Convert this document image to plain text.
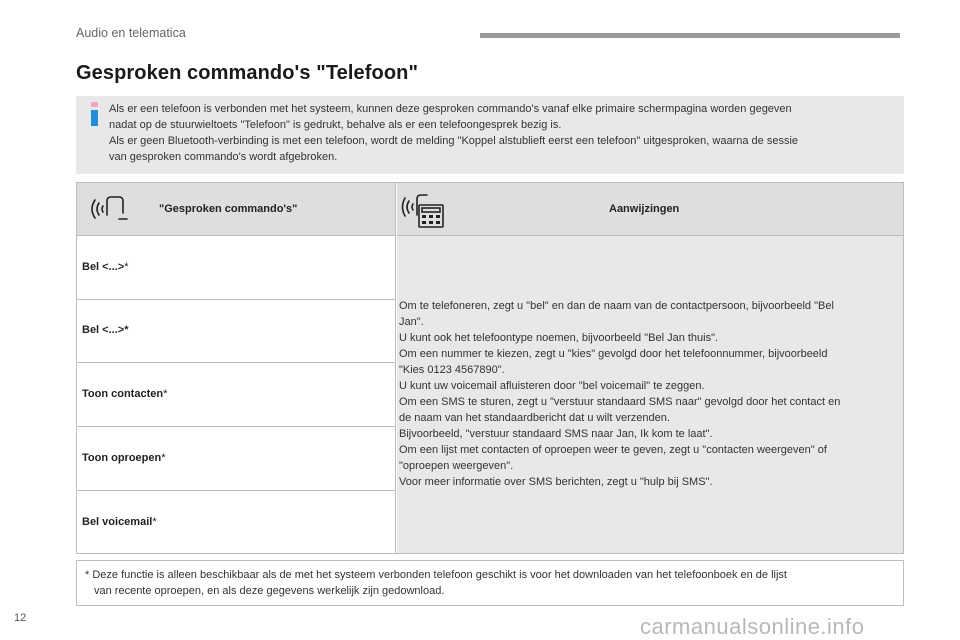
Audio en telematica
Gesproken commando's "Telefoon"
Als er een telefoon is verbonden met het systeem, kunnen deze gesproken commando's vanaf elke primaire schermpagina worden gegeven
nadat op de stuurwieltoets "Telefoon" is gedrukt, behalve als er een telefoongesprek bezig is.
Als er geen Bluetooth-verbinding is met een telefoon, wordt de melding "Koppel alstublieft eerst een telefoon" uitgesproken, waarna de sessie
van gesproken commando's wordt afgebroken.
"Gesproken commando's"	Aanwijzingen
Bel <...>*
Bel <...>*
Toon contacten*
Toon oproepen*
Bel voicemail*
Om te telefoneren, zegt u "bel" en dan de naam van de contactpersoon, bijvoorbeeld "Bel
Jan".
U kunt ook het telefoontype noemen, bijvoorbeeld "Bel Jan thuis".
Om een nummer te kiezen, zegt u "kies" gevolgd door het telefoonnummer, bijvoorbeeld
"Kies 0123 4567890".
U kunt uw voicemail afluisteren door "bel voicemail" te zeggen.
Om een SMS te sturen, zegt u "verstuur standaard SMS naar" gevolgd door het contact en
de naam van het standaardbericht dat u wilt verzenden.
Bijvoorbeeld, "verstuur standaard SMS naar Jan, Ik kom te laat".
Om een lijst met contacten of oproepen weer te geven, zegt u "contacten weergeven" of
"oproepen weergeven".
Voor meer informatie over SMS berichten, zegt u "hulp bij SMS".
* Deze functie is alleen beschikbaar als de met het systeem verbonden telefoon geschikt is voor het downloaden van het telefoonboek en de lijst
van recente oproepen, en als deze gegevens werkelijk zijn gedownload.
12	carmanualsonline.info
